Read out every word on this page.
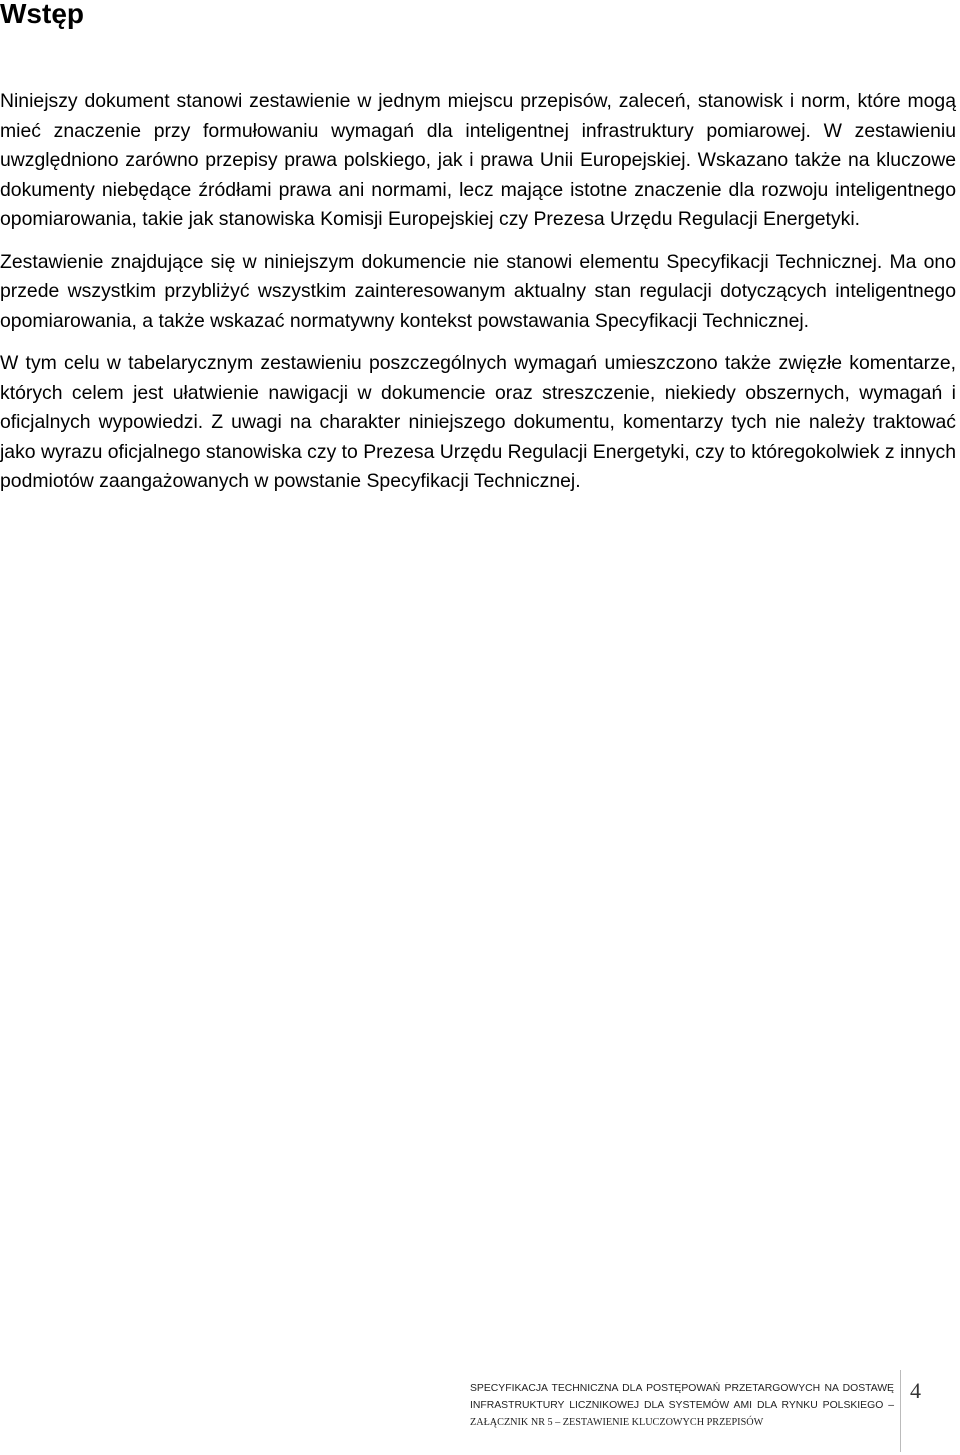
Wstęp

Niniejszy dokument stanowi zestawienie w jednym miejscu przepisów, zaleceń, stanowisk i norm, które mogą mieć znaczenie przy formułowaniu wymagań dla inteligentnej infrastruktury pomiarowej. W zestawieniu uwzględniono zarówno przepisy prawa polskiego, jak i prawa Unii Europejskiej. Wskazano także na kluczowe dokumenty niebędące źródłami prawa ani normami, lecz mające istotne znaczenie dla rozwoju inteligentnego opomiarowania, takie jak stanowiska Komisji Europejskiej czy Prezesa Urzędu Regulacji Energetyki.

Zestawienie znajdujące się w niniejszym dokumencie nie stanowi elementu Specyfikacji Technicznej. Ma ono przede wszystkim przybliżyć wszystkim zainteresowanym aktualny stan regulacji dotyczących inteligentnego opomiarowania, a także wskazać normatywny kontekst powstawania Specyfikacji Technicznej.

W tym celu w tabelarycznym zestawieniu poszczególnych wymagań umieszczono także zwięzłe komentarze, których celem jest ułatwienie nawigacji w dokumencie oraz streszczenie, niekiedy obszernych, wymagań i oficjalnych wypowiedzi. Z uwagi na charakter niniejszego dokumentu, komentarzy tych nie należy traktować jako wyrazu oficjalnego stanowiska czy to Prezesa Urzędu Regulacji Energetyki, czy to któregokolwiek z innych podmiotów zaangażowanych w powstanie Specyfikacji Technicznej.

SPECYFIKACJA TECHNICZNA DLA POSTĘPOWAŃ PRZETARGOWYCH NA DOSTAWĘ
INFRASTRUKTURY LICZNIKOWEJ DLA SYSTEMÓW AMI DLA RYNKU POLSKIEGO –
ZAŁĄCZNIK NR 5 – ZESTAWIENIE KLUCZOWYCH PRZEPISÓW
4
